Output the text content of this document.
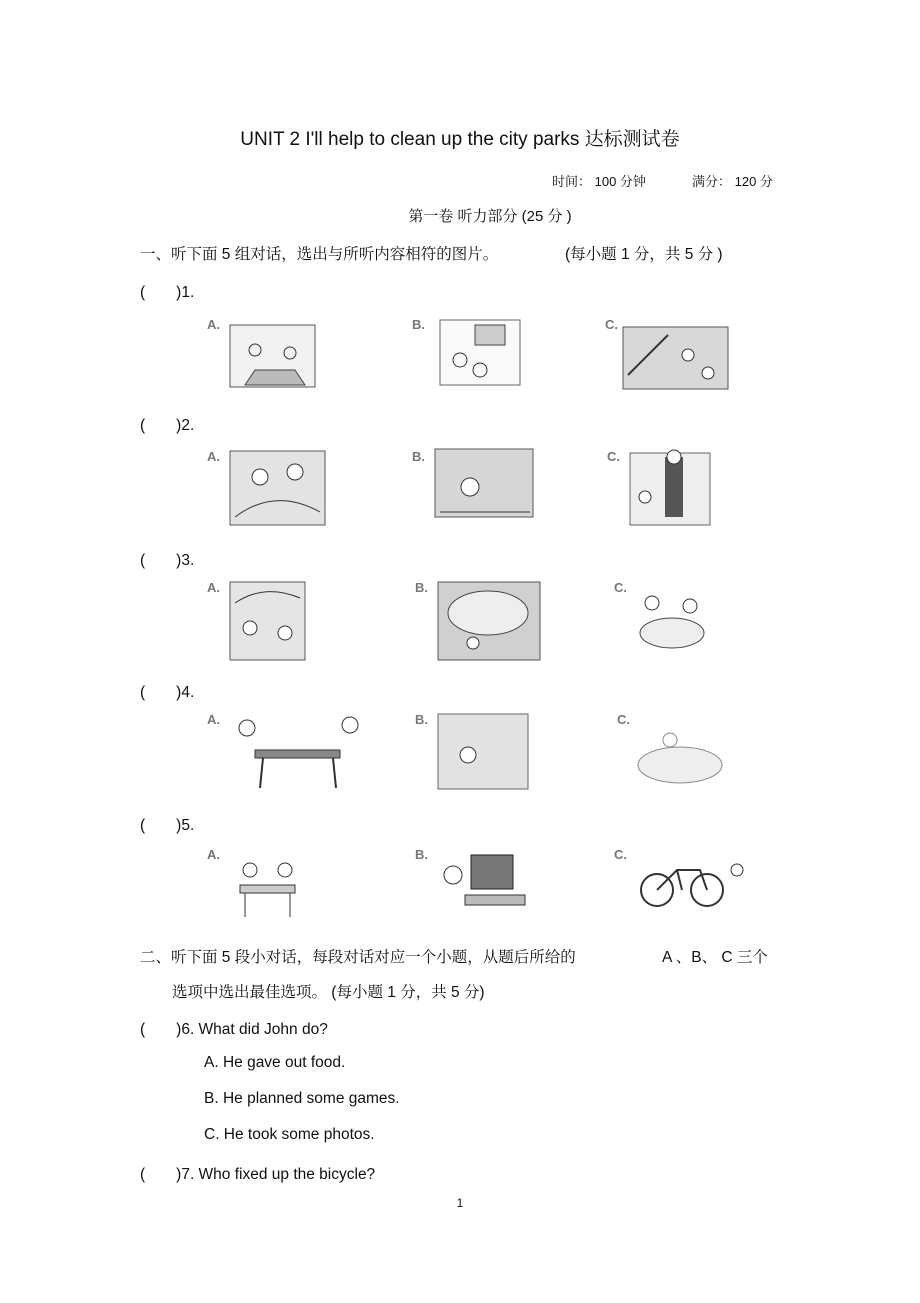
UNIT 2 I'll help to clean up the city parks 达标测试卷
时间： 100 分钟	满分： 120 分
第一卷 听力部分 (25 分 )
一、听下面 5 组对话，选出与所听内容相符的图片。	(每小题 1 分，共 5 分 )
(　　)1.
A.	B.	C.
(　　)2.
A.	B.	C.
(　　)3.
A.	B.	C.
(　　)4.
A.	B.	C.
(　　)5.
A.	B.	C.
二、听下面 5 段小对话，每段对话对应一个小题，从题后所给的	A 、B、 C 三个
选项中选出最佳选项。 (每小题 1 分，共 5 分)
(　　)6. What did John do?
A. He gave out food.
B. He planned some games.
C. He took some photos.
(　　)7. Who fixed up the bicycle?
1
